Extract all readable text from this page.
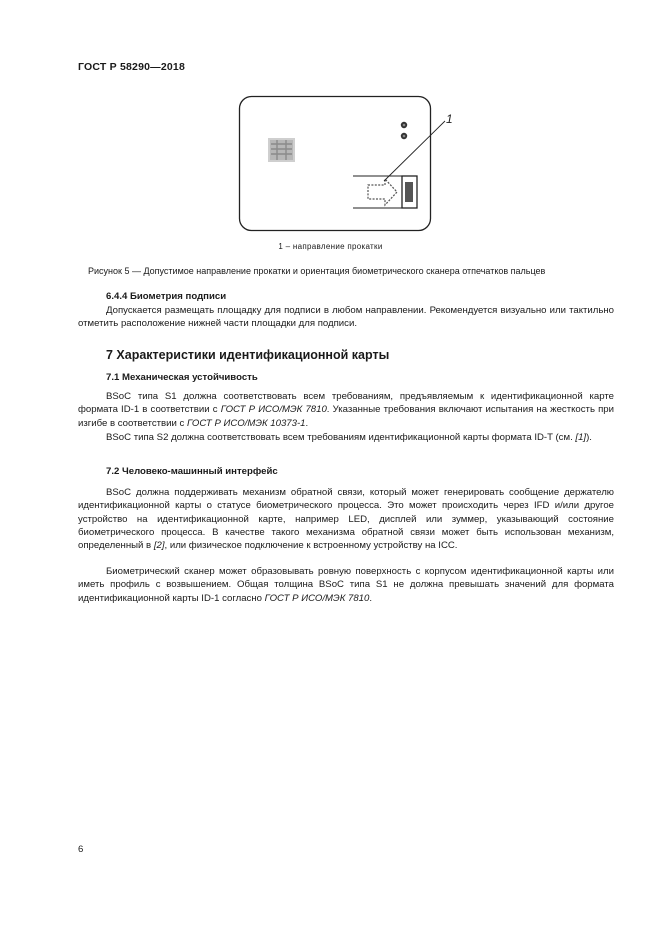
ГОСТ Р 58290—2018
1
1 – направление прокатки
Рисунок 5 — Допустимое направление прокатки и ориентация биометрического сканера отпечатков пальцев
6.4.4 Биометрия подписи

Допускается размещать площадку для подписи в любом направлении. Рекомендуется визуально или тактильно отметить расположение нижней части площадки для подписи.

7 Характеристики идентификационной карты
7.1 Механическая устойчивость

BSoC типа S1 должна соответствовать всем требованиям, предъявляемым к идентификационной карте формата ID-1 в соответствии с ГОСТ Р ИСО/МЭК 7810. Указанные требования включают испытания на жесткость при изгибе в соответствии с ГОСТ Р ИСО/МЭК 10373-1.

BSoC типа S2 должна соответствовать всем требованиям идентификационной карты формата ID-T (см. [1]).

7.2 Человеко-машинный интерфейс

BSoC должна поддерживать механизм обратной связи, который может генерировать сообщение держателю идентификационной карты о статусе биометрического процесса. Это может происходить через IFD и/или другое устройство на идентификационной карте, например LED, дисплей или зуммер, указывающий состояние биометрического процесса. В качестве такого механизма обратной связи может быть использован механизм, определенный в [2], или физическое подключение к встроенному устройству на ICC.

Биометрический сканер может образовывать ровную поверхность с корпусом идентификационной карты или иметь профиль с возвышением. Общая толщина BSoC типа S1 не должна превышать значений для формата идентификационной карты ID-1 согласно ГОСТ Р ИСО/МЭК 7810.

6
